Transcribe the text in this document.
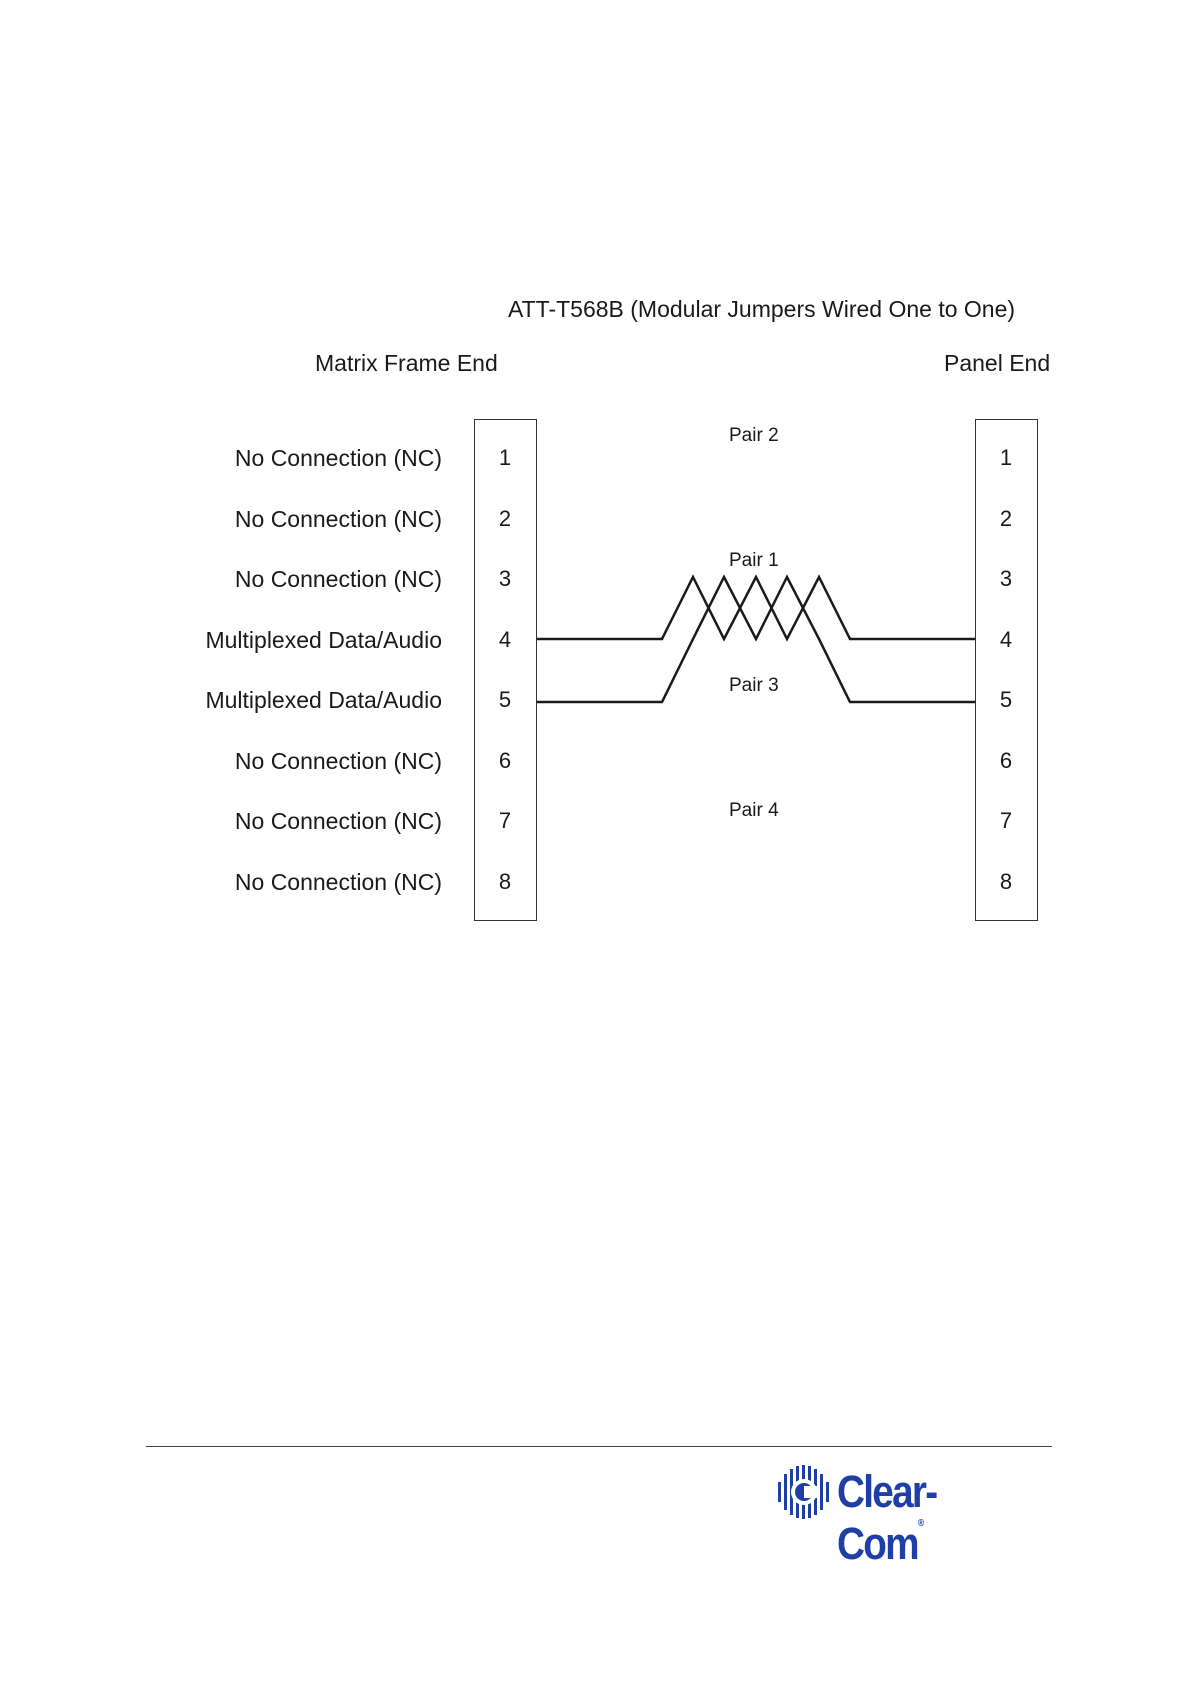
ATT-T568B (Modular Jumpers Wired One to One)
Matrix Frame End	Panel End
No Connection (NC)
No Connection (NC)
No Connection (NC)
Multiplexed Data/Audio
Multiplexed Data/Audio
No Connection (NC)
No Connection (NC)
No Connection (NC)
1
2
3
4
5
6
7
8
1
2
3
4
5
6
7
8
Pair 2
Pair 1
Pair 3
Pair 4
Clear-Com®
